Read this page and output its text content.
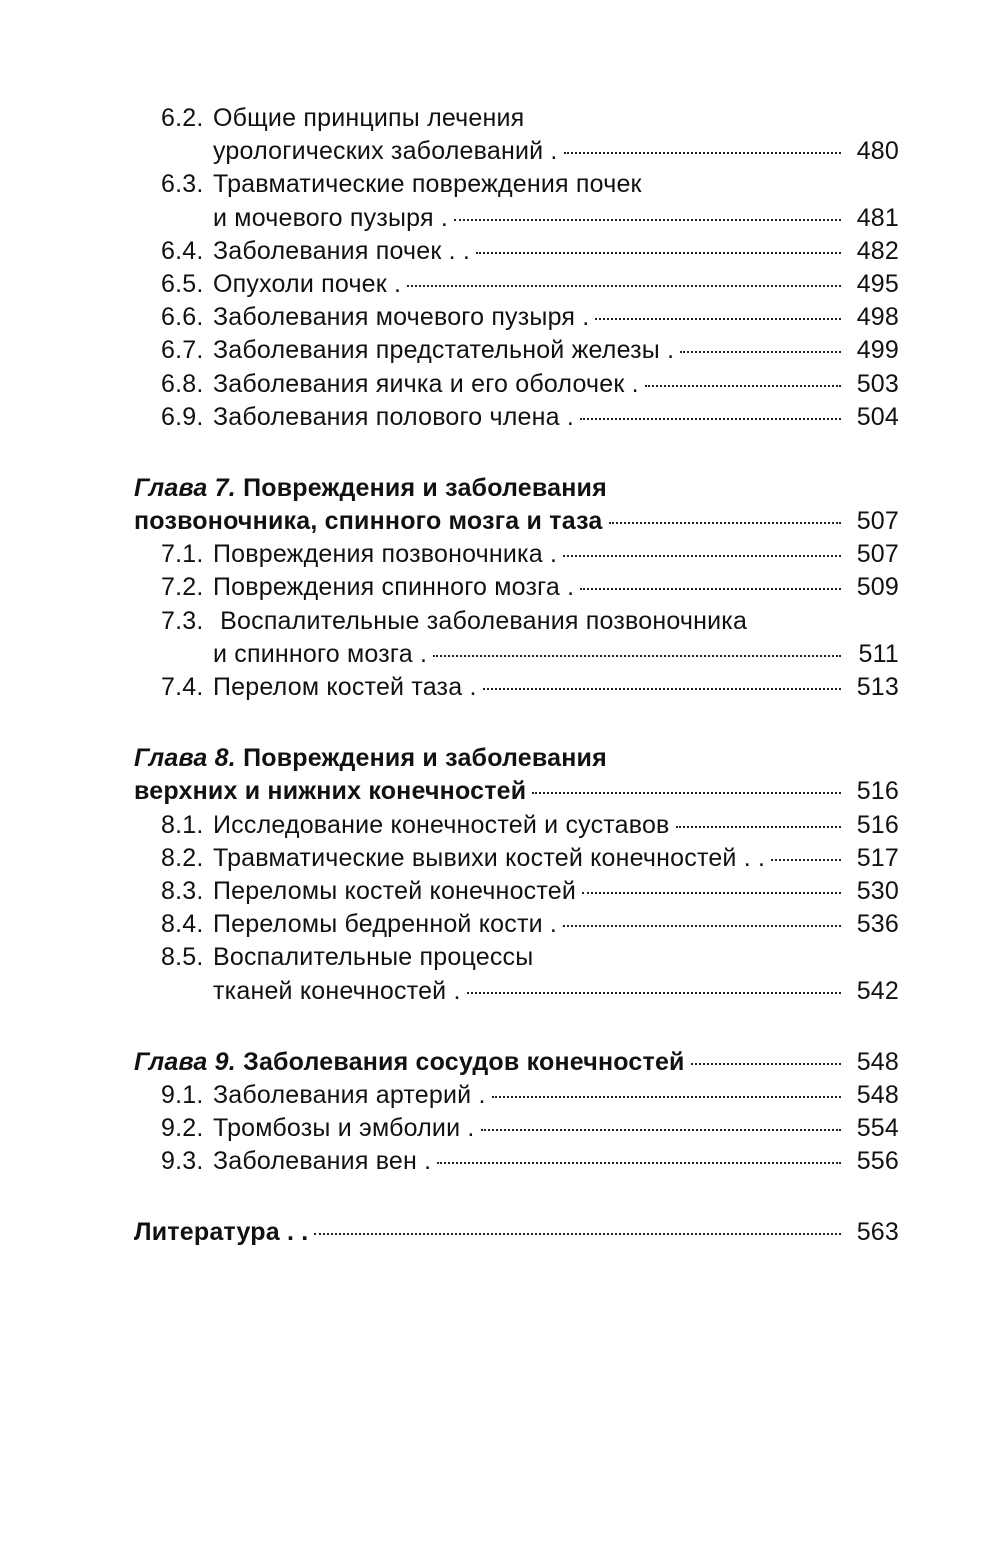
6.2. Общие принципы лечения
урологических заболеваний .	480
6.3. Травматические повреждения почек
и мочевого пузыря .	481
6.4. Заболевания почек . .	482
6.5. Опухоли почек .	495
6.6. Заболевания мочевого пузыря .	498
6.7. Заболевания предстательной железы .	499
6.8. Заболевания яичка и его оболочек .	503
6.9. Заболевания полового члена .	504
Глава 7.
Повреждения и заболевания
позвоночника, спинного мозга и таза	507
7.1. Повреждения позвоночника .	507
7.2. Повреждения спинного мозга .	509
7.3. Воспалительные заболевания позвоночника
и спинного мозга .	511
7.4. Перелом костей таза .	513
Глава 8.
Повреждения и заболевания
верхних и нижних конечностей	516
8.1. Исследование конечностей и суставов	516
8.2. Травматические вывихи костей конечностей . .	517
8.3. Переломы костей конечностей	530
8.4. Переломы бедренной кости .	536
8.5. Воспалительные процессы
тканей конечностей .	542
Глава 9.
Заболевания сосудов конечностей	548
9.1. Заболевания артерий .	548
9.2. Тромбозы и эмболии .	554
9.3. Заболевания вен .	556
Литература . .	563
